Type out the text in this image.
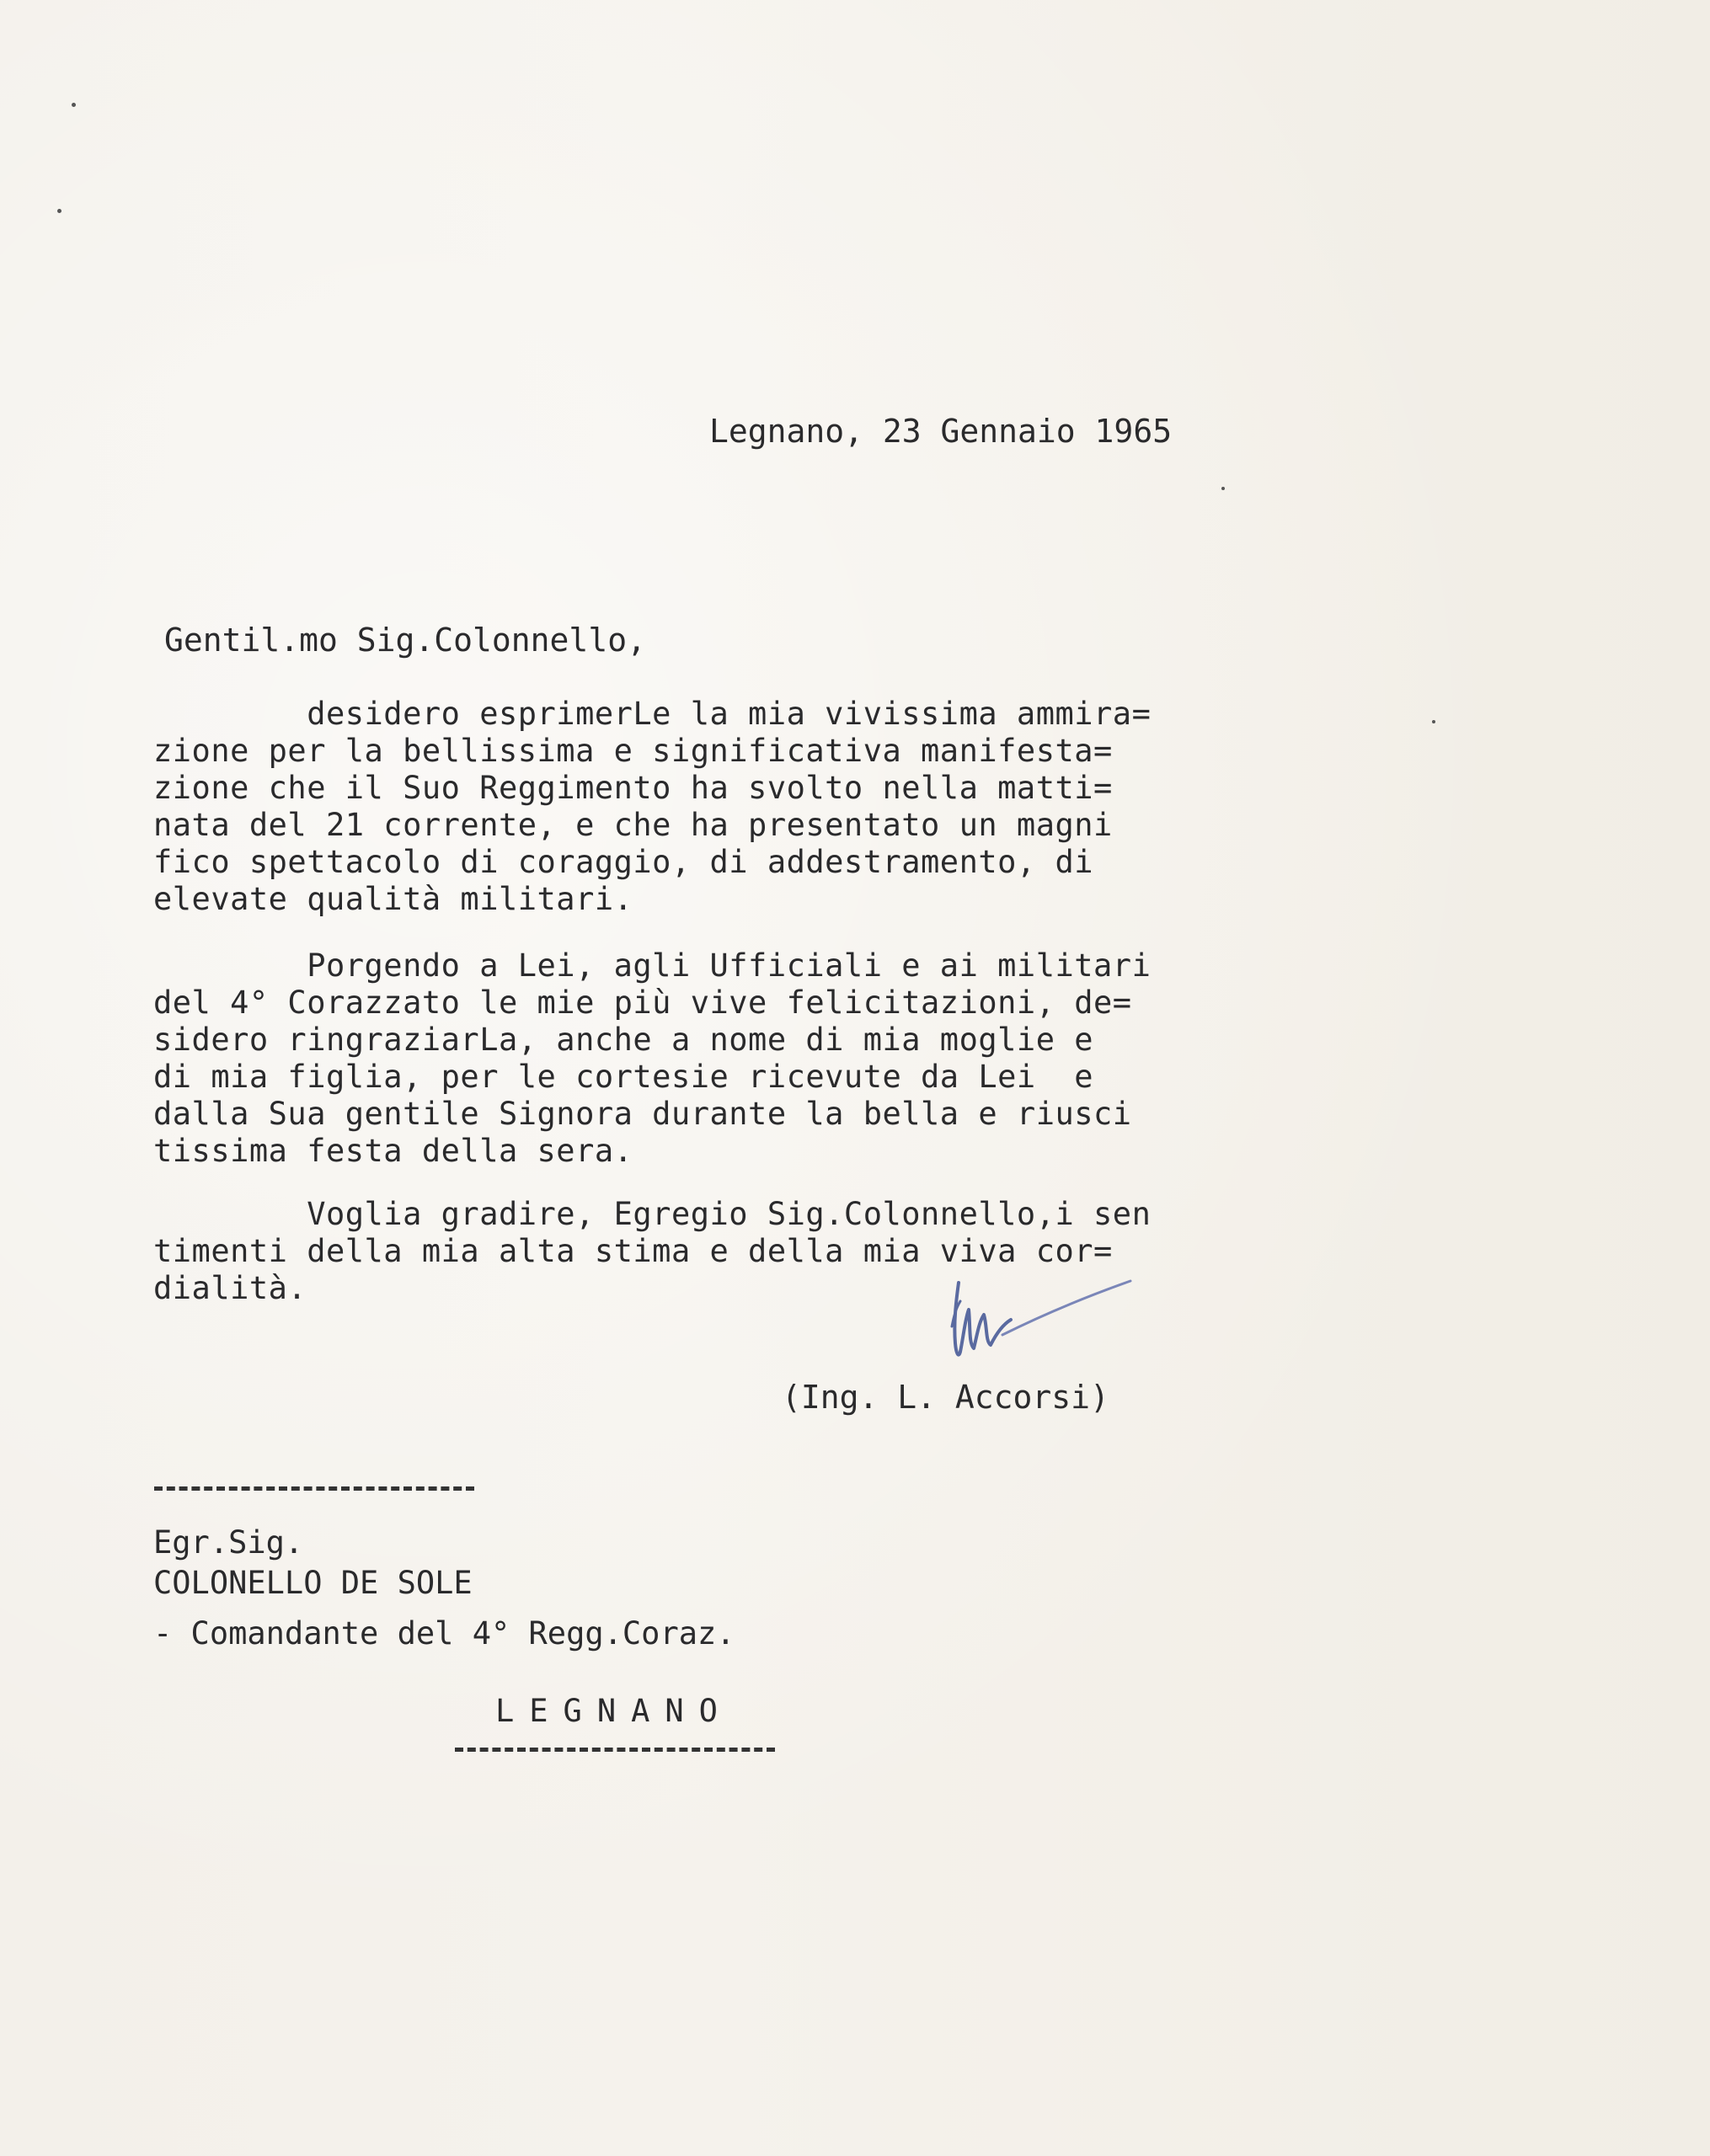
Legnano, 23 Gennaio 1965
Gentil.mo Sig.Colonnello,
desidero esprimerLe la mia vivissima ammira=
zione per la bellissima e significativa manifesta=
zione che il Suo Reggimento ha svolto nella matti=
nata del 21 corrente, e che ha presentato un magni
fico spettacolo di coraggio, di addestramento, di
elevate qualità militari.
Porgendo a Lei, agli Ufficiali e ai militari
del 4° Corazzato le mie più vive felicitazioni, de=
sidero ringraziarLa, anche a nome di mia moglie e
di mia figlia, per le cortesie ricevute da Lei  e
dalla Sua gentile Signora durante la bella e riusci
tissima festa della sera.
Voglia gradire, Egregio Sig.Colonnello,i sen
timenti della mia alta stima e della mia viva cor=
dialità.
(Ing. L. Accorsi)
Egr.Sig.
COLONELLO DE SOLE
- Comandante del 4° Regg.Coraz.
LEGNANO
